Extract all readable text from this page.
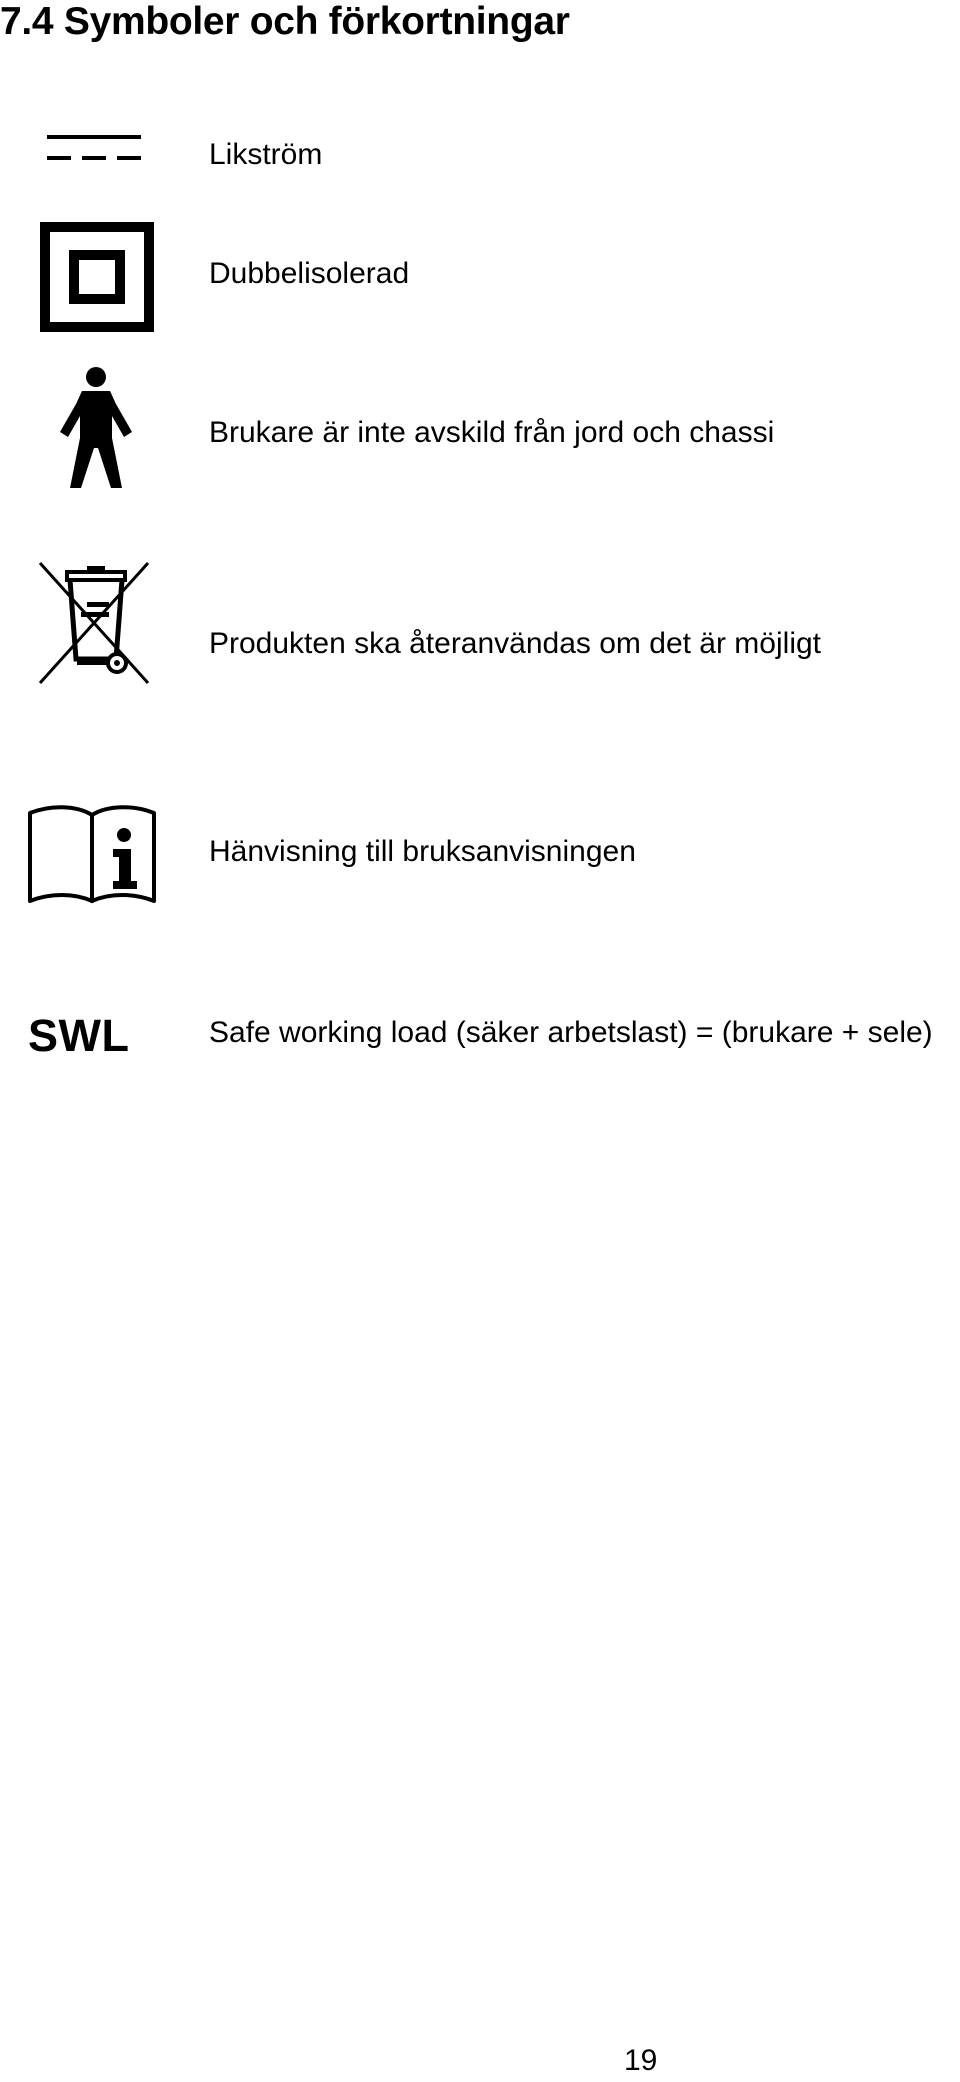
7.4 Symboler och förkortningar
Likström
Dubbelisolerad
Brukare är inte avskild från jord och chassi
Produkten ska återanvändas om det är möjligt
Hänvisning till bruksanvisningen
SWL	Safe working load (säker arbetslast) = (brukare + sele)
19
